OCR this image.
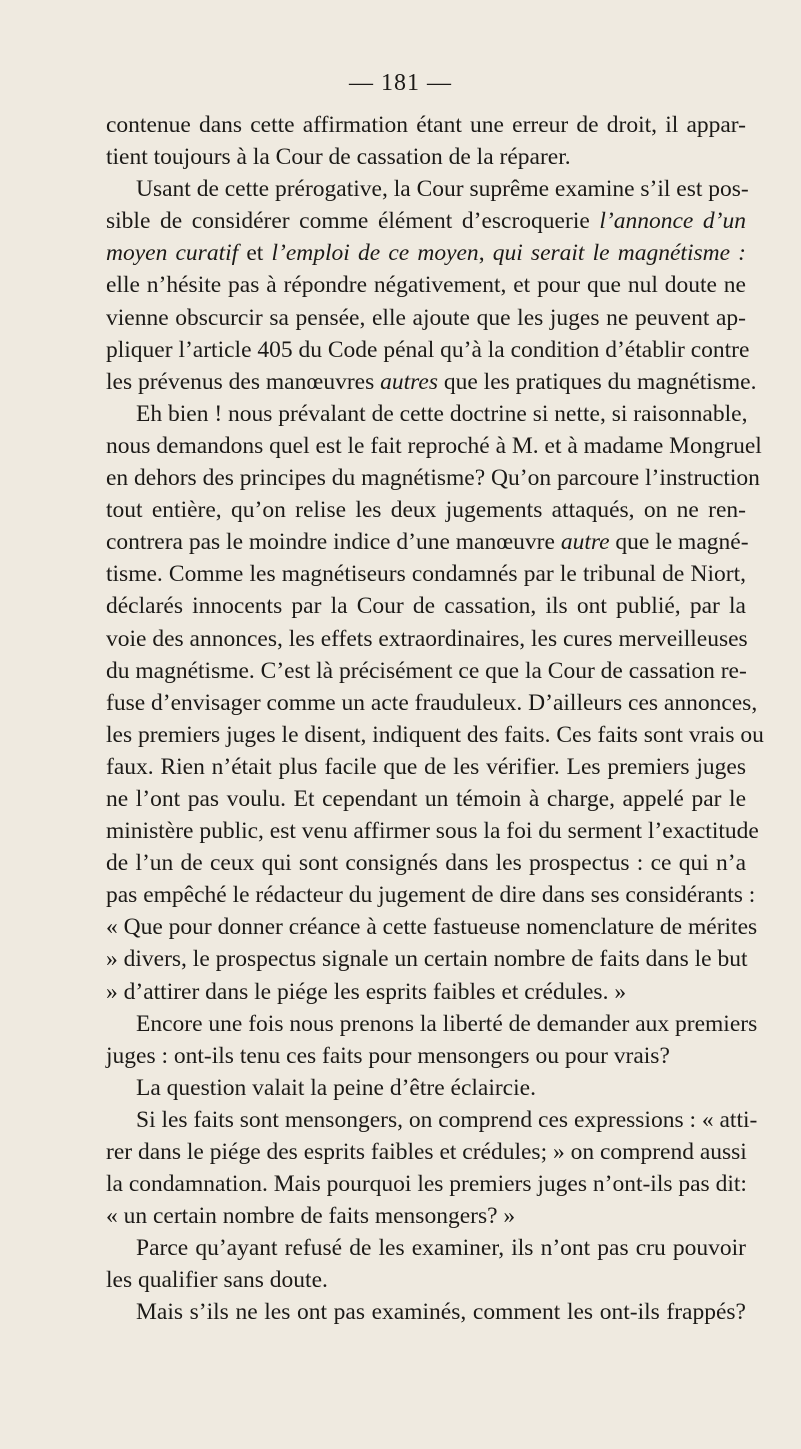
— 181 —
contenue dans cette affirmation étant une erreur de droit, il appar-
tient toujours à la Cour de cassation de la réparer.
Usant de cette prérogative, la Cour suprême examine s’il est pos-
sible de considérer comme élément d’escroquerie l’annonce d’un
moyen curatif et l’emploi de ce moyen, qui serait le magnétisme :
elle n’hésite pas à répondre négativement, et pour que nul doute ne
vienne obscurcir sa pensée, elle ajoute que les juges ne peuvent ap-
pliquer l’article 405 du Code pénal qu’à la condition d’établir contre
les prévenus des manœuvres autres que les pratiques du magnétisme.
Eh bien ! nous prévalant de cette doctrine si nette, si raisonnable,
nous demandons quel est le fait reproché à M. et à madame Mongruel
en dehors des principes du magnétisme? Qu’on parcoure l’instruction
tout entière, qu’on relise les deux jugements attaqués, on ne ren-
contrera pas le moindre indice d’une manœuvre autre que le magné-
tisme. Comme les magnétiseurs condamnés par le tribunal de Niort,
déclarés innocents par la Cour de cassation, ils ont publié, par la
voie des annonces, les effets extraordinaires, les cures merveilleuses
du magnétisme. C’est là précisément ce que la Cour de cassation re-
fuse d’envisager comme un acte frauduleux. D’ailleurs ces annonces,
les premiers juges le disent, indiquent des faits. Ces faits sont vrais ou
faux. Rien n’était plus facile que de les vérifier. Les premiers juges
ne l’ont pas voulu. Et cependant un témoin à charge, appelé par le
ministère public, est venu affirmer sous la foi du serment l’exactitude
de l’un de ceux qui sont consignés dans les prospectus : ce qui n’a
pas empêché le rédacteur du jugement de dire dans ses considérants :
« Que pour donner créance à cette fastueuse nomenclature de mérites
» divers, le prospectus signale un certain nombre de faits dans le but
» d’attirer dans le piége les esprits faibles et crédules. »
Encore une fois nous prenons la liberté de demander aux premiers
juges : ont-ils tenu ces faits pour mensongers ou pour vrais?
La question valait la peine d’être éclaircie.
Si les faits sont mensongers, on comprend ces expressions : « atti-
rer dans le piége des esprits faibles et crédules; » on comprend aussi
la condamnation. Mais pourquoi les premiers juges n’ont-ils pas dit:
« un certain nombre de faits mensongers? »
Parce qu’ayant refusé de les examiner, ils n’ont pas cru pouvoir
les qualifier sans doute.
Mais s’ils ne les ont pas examinés, comment les ont-ils frappés?
